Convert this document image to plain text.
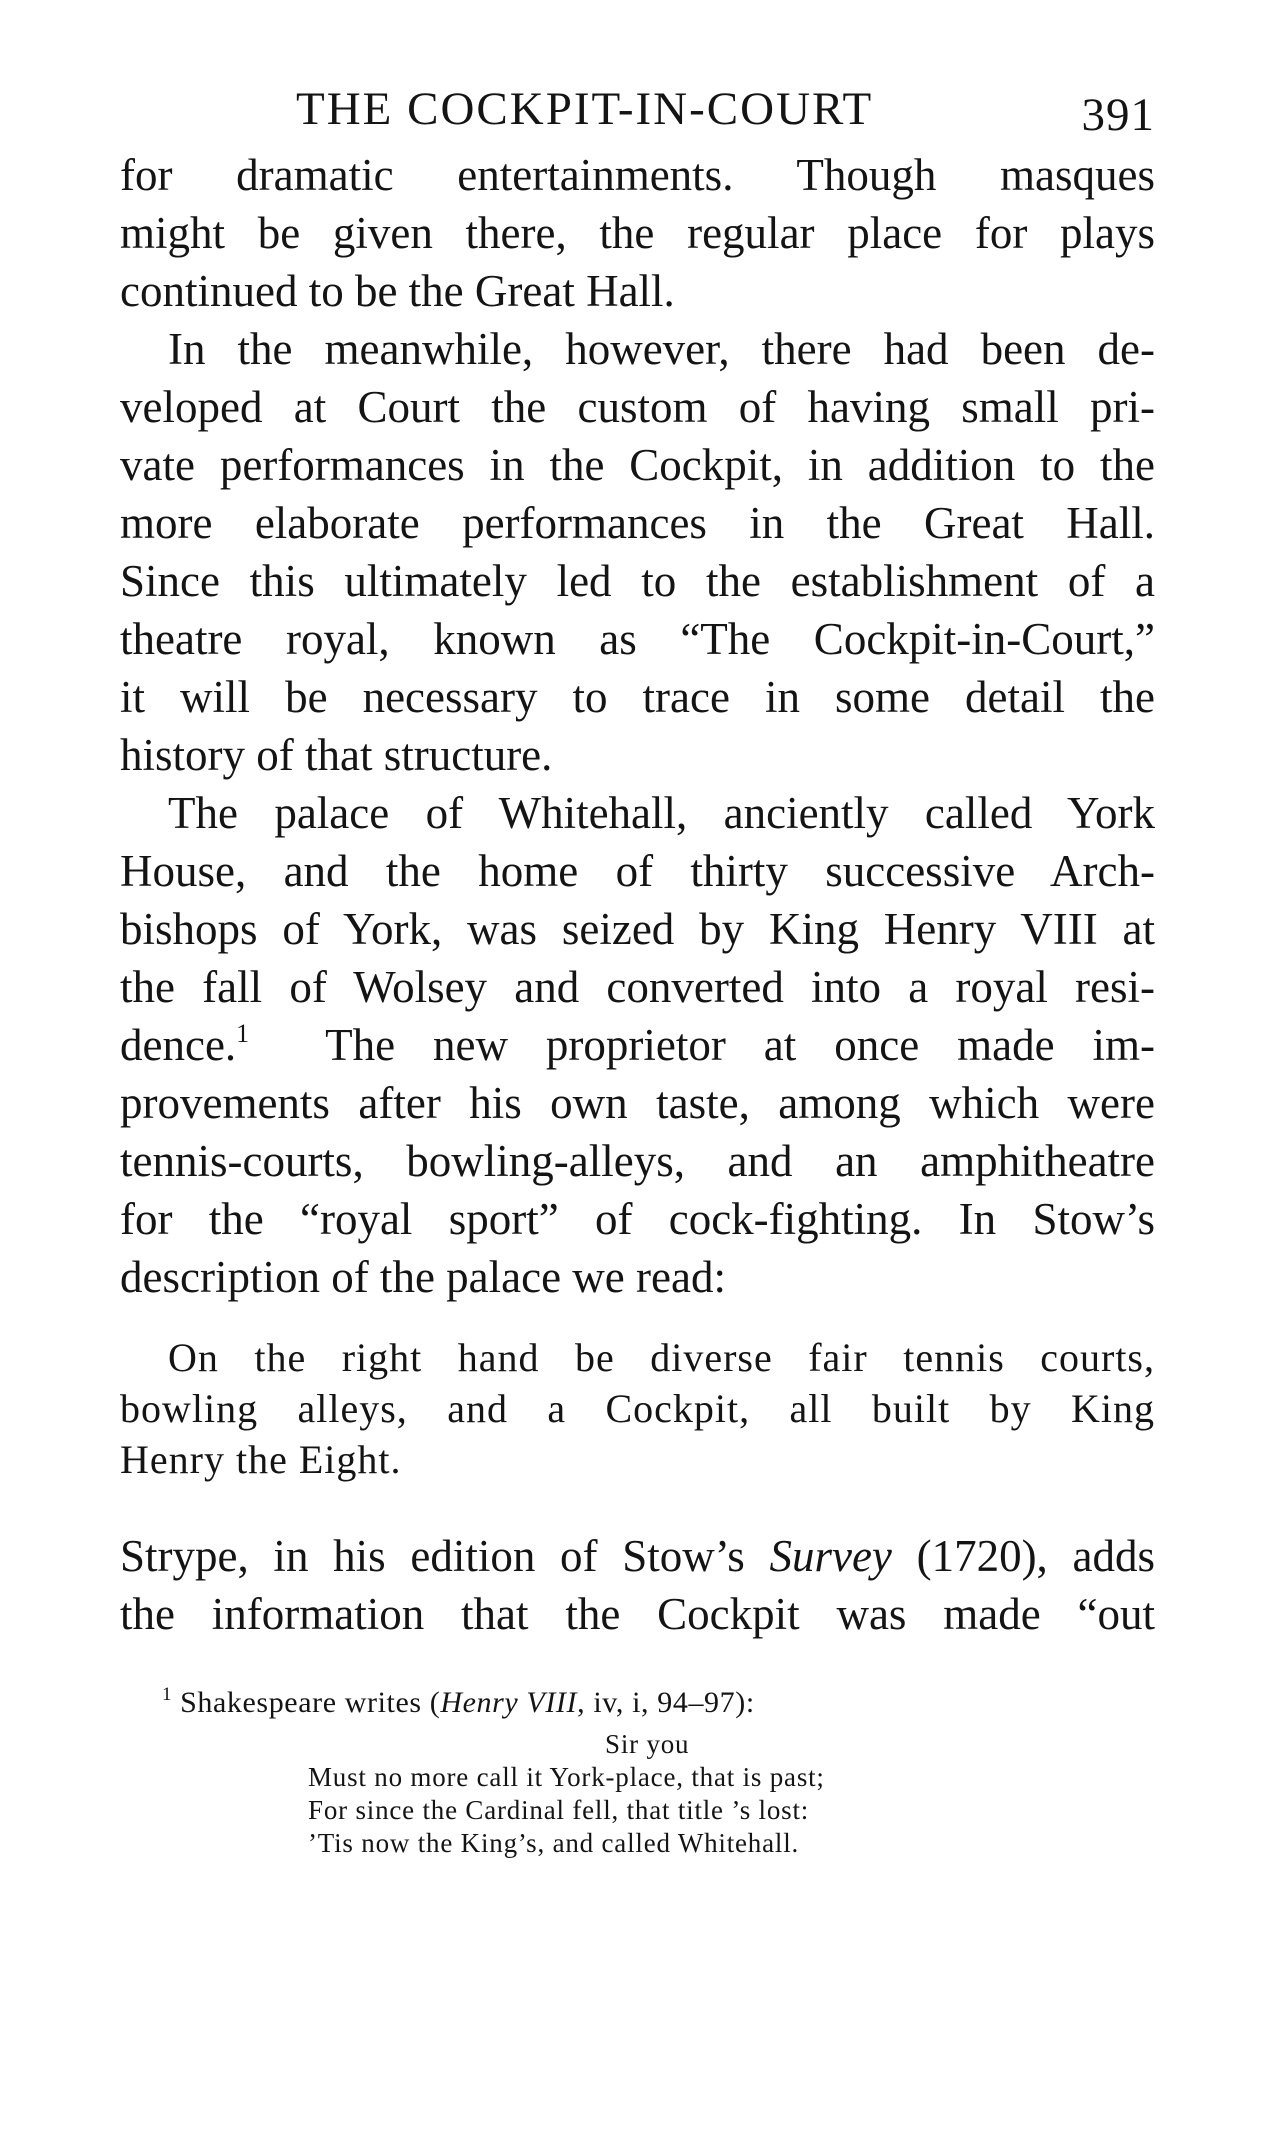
THE COCKPIT-IN-COURT	391

for dramatic entertainments. Though masques
might be given there, the regular place for plays
continued to be the Great Hall.

In the meanwhile, however, there had been de-
veloped at Court the custom of having small pri-
vate performances in the Cockpit, in addition to the
more elaborate performances in the Great Hall.
Since this ultimately led to the establishment of a
theatre royal, known as “The Cockpit-in-Court,”
it will be necessary to trace in some detail the
history of that structure.

The palace of Whitehall, anciently called York
House, and the home of thirty successive Arch-
bishops of York, was seized by King Henry VIII at
the fall of Wolsey and converted into a royal resi-
dence.$^1$ The new proprietor at once made im-
provements after his own taste, among which were
tennis-courts, bowling-alleys, and an amphitheatre
for the “royal sport” of cock-fighting. In Stow’s
description of the palace we read:

On the right hand be diverse fair tennis courts,
bowling alleys, and a Cockpit, all built by King
Henry the Eight.

Strype, in his edition of Stow’s Survey (1720), adds
the information that the Cockpit was made “out

$^1$ Shakespeare writes (Henry VIII, iv, i, 94–97):
Sir you
Must no more call it York-place, that is past;
For since the Cardinal fell, that title ’s lost:
’Tis now the King’s, and called Whitehall.
